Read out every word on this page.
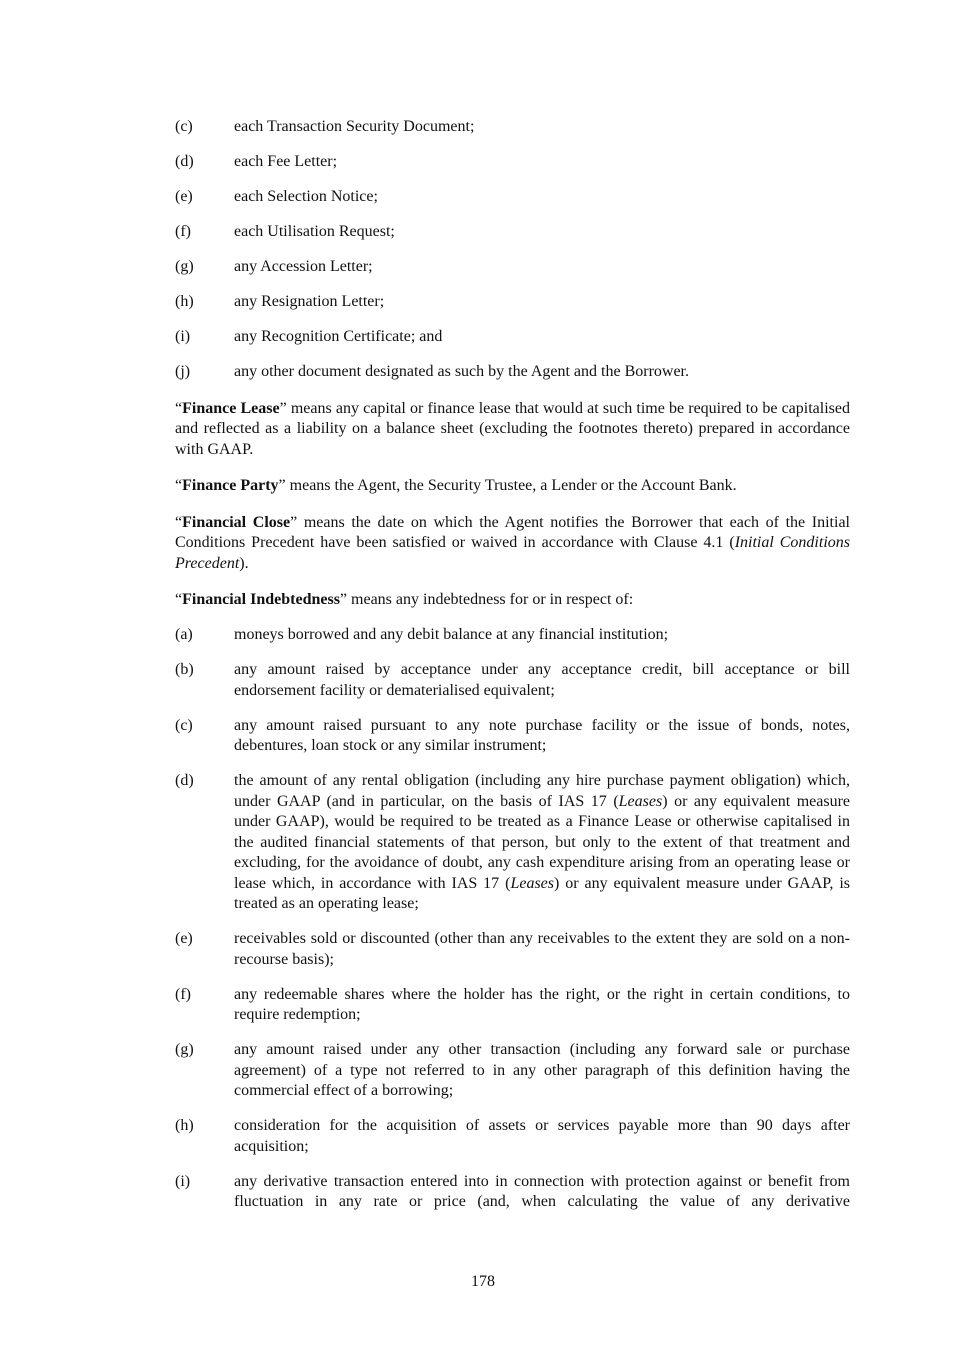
(c)	each Transaction Security Document;
(d)	each Fee Letter;
(e)	each Selection Notice;
(f)	each Utilisation Request;
(g)	any Accession Letter;
(h)	any Resignation Letter;
(i)	any Recognition Certificate; and
(j)	any other document designated as such by the Agent and the Borrower.

“Finance Lease” means any capital or finance lease that would at such time be required to be capitalised and reflected as a liability on a balance sheet (excluding the footnotes thereto) prepared in accordance with GAAP.

“Finance Party” means the Agent, the Security Trustee, a Lender or the Account Bank.

“Financial Close” means the date on which the Agent notifies the Borrower that each of the Initial Conditions Precedent have been satisfied or waived in accordance with Clause 4.1 (Initial Conditions Precedent).

“Financial Indebtedness” means any indebtedness for or in respect of:

(a)	moneys borrowed and any debit balance at any financial institution;
(b)	any amount raised by acceptance under any acceptance credit, bill acceptance or bill endorsement facility or dematerialised equivalent;
(c)	any amount raised pursuant to any note purchase facility or the issue of bonds, notes, debentures, loan stock or any similar instrument;
(d)	the amount of any rental obligation (including any hire purchase payment obligation) which, under GAAP (and in particular, on the basis of IAS 17 (Leases) or any equivalent measure under GAAP), would be required to be treated as a Finance Lease or otherwise capitalised in the audited financial statements of that person, but only to the extent of that treatment and excluding, for the avoidance of doubt, any cash expenditure arising from an operating lease or lease which, in accordance with IAS 17 (Leases) or any equivalent measure under GAAP, is treated as an operating lease;
(e)	receivables sold or discounted (other than any receivables to the extent they are sold on a non-recourse basis);
(f)	any redeemable shares where the holder has the right, or the right in certain conditions, to require redemption;
(g)	any amount raised under any other transaction (including any forward sale or purchase agreement) of a type not referred to in any other paragraph of this definition having the commercial effect of a borrowing;
(h)	consideration for the acquisition of assets or services payable more than 90 days after acquisition;
(i)	any derivative transaction entered into in connection with protection against or benefit from fluctuation in any rate or price (and, when calculating the value of any derivative
178
